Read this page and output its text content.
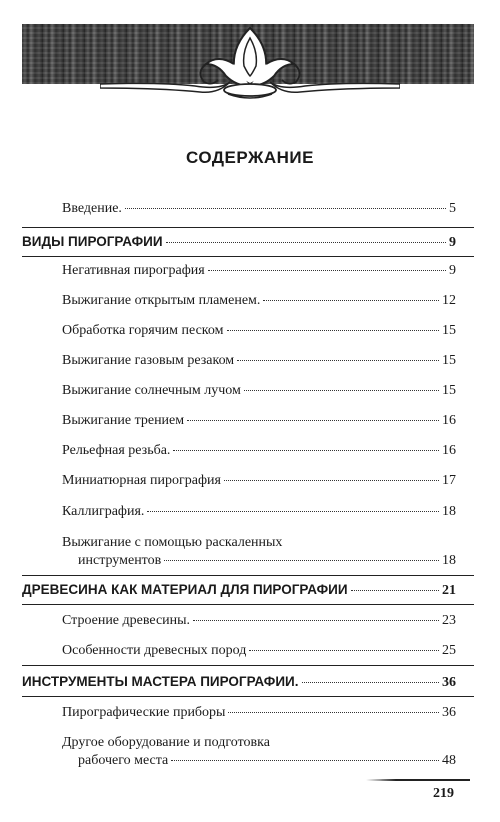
СОДЕРЖАНИЕ
Введение.	5
ВИДЫ ПИРОГРАФИИ	9
Негативная пирография	9
Выжигание открытым пламенем.	12
Обработка горячим песком	15
Выжигание газовым резаком	15
Выжигание солнечным лучом	15
Выжигание трением	16
Рельефная резьба.	16
Миниатюрная пирография	17
Каллиграфия.	18
Выжигание с помощью раскаленных
инструментов	18
ДРЕВЕСИНА КАК МАТЕРИАЛ ДЛЯ ПИРОГРАФИИ	21
Строение древесины.	23
Особенности древесных пород	25
ИНСТРУМЕНТЫ МАСТЕРА ПИРОГРАФИИ.	36
Пирографические приборы	36
Другое оборудование и подготовка
рабочего места	48
219
